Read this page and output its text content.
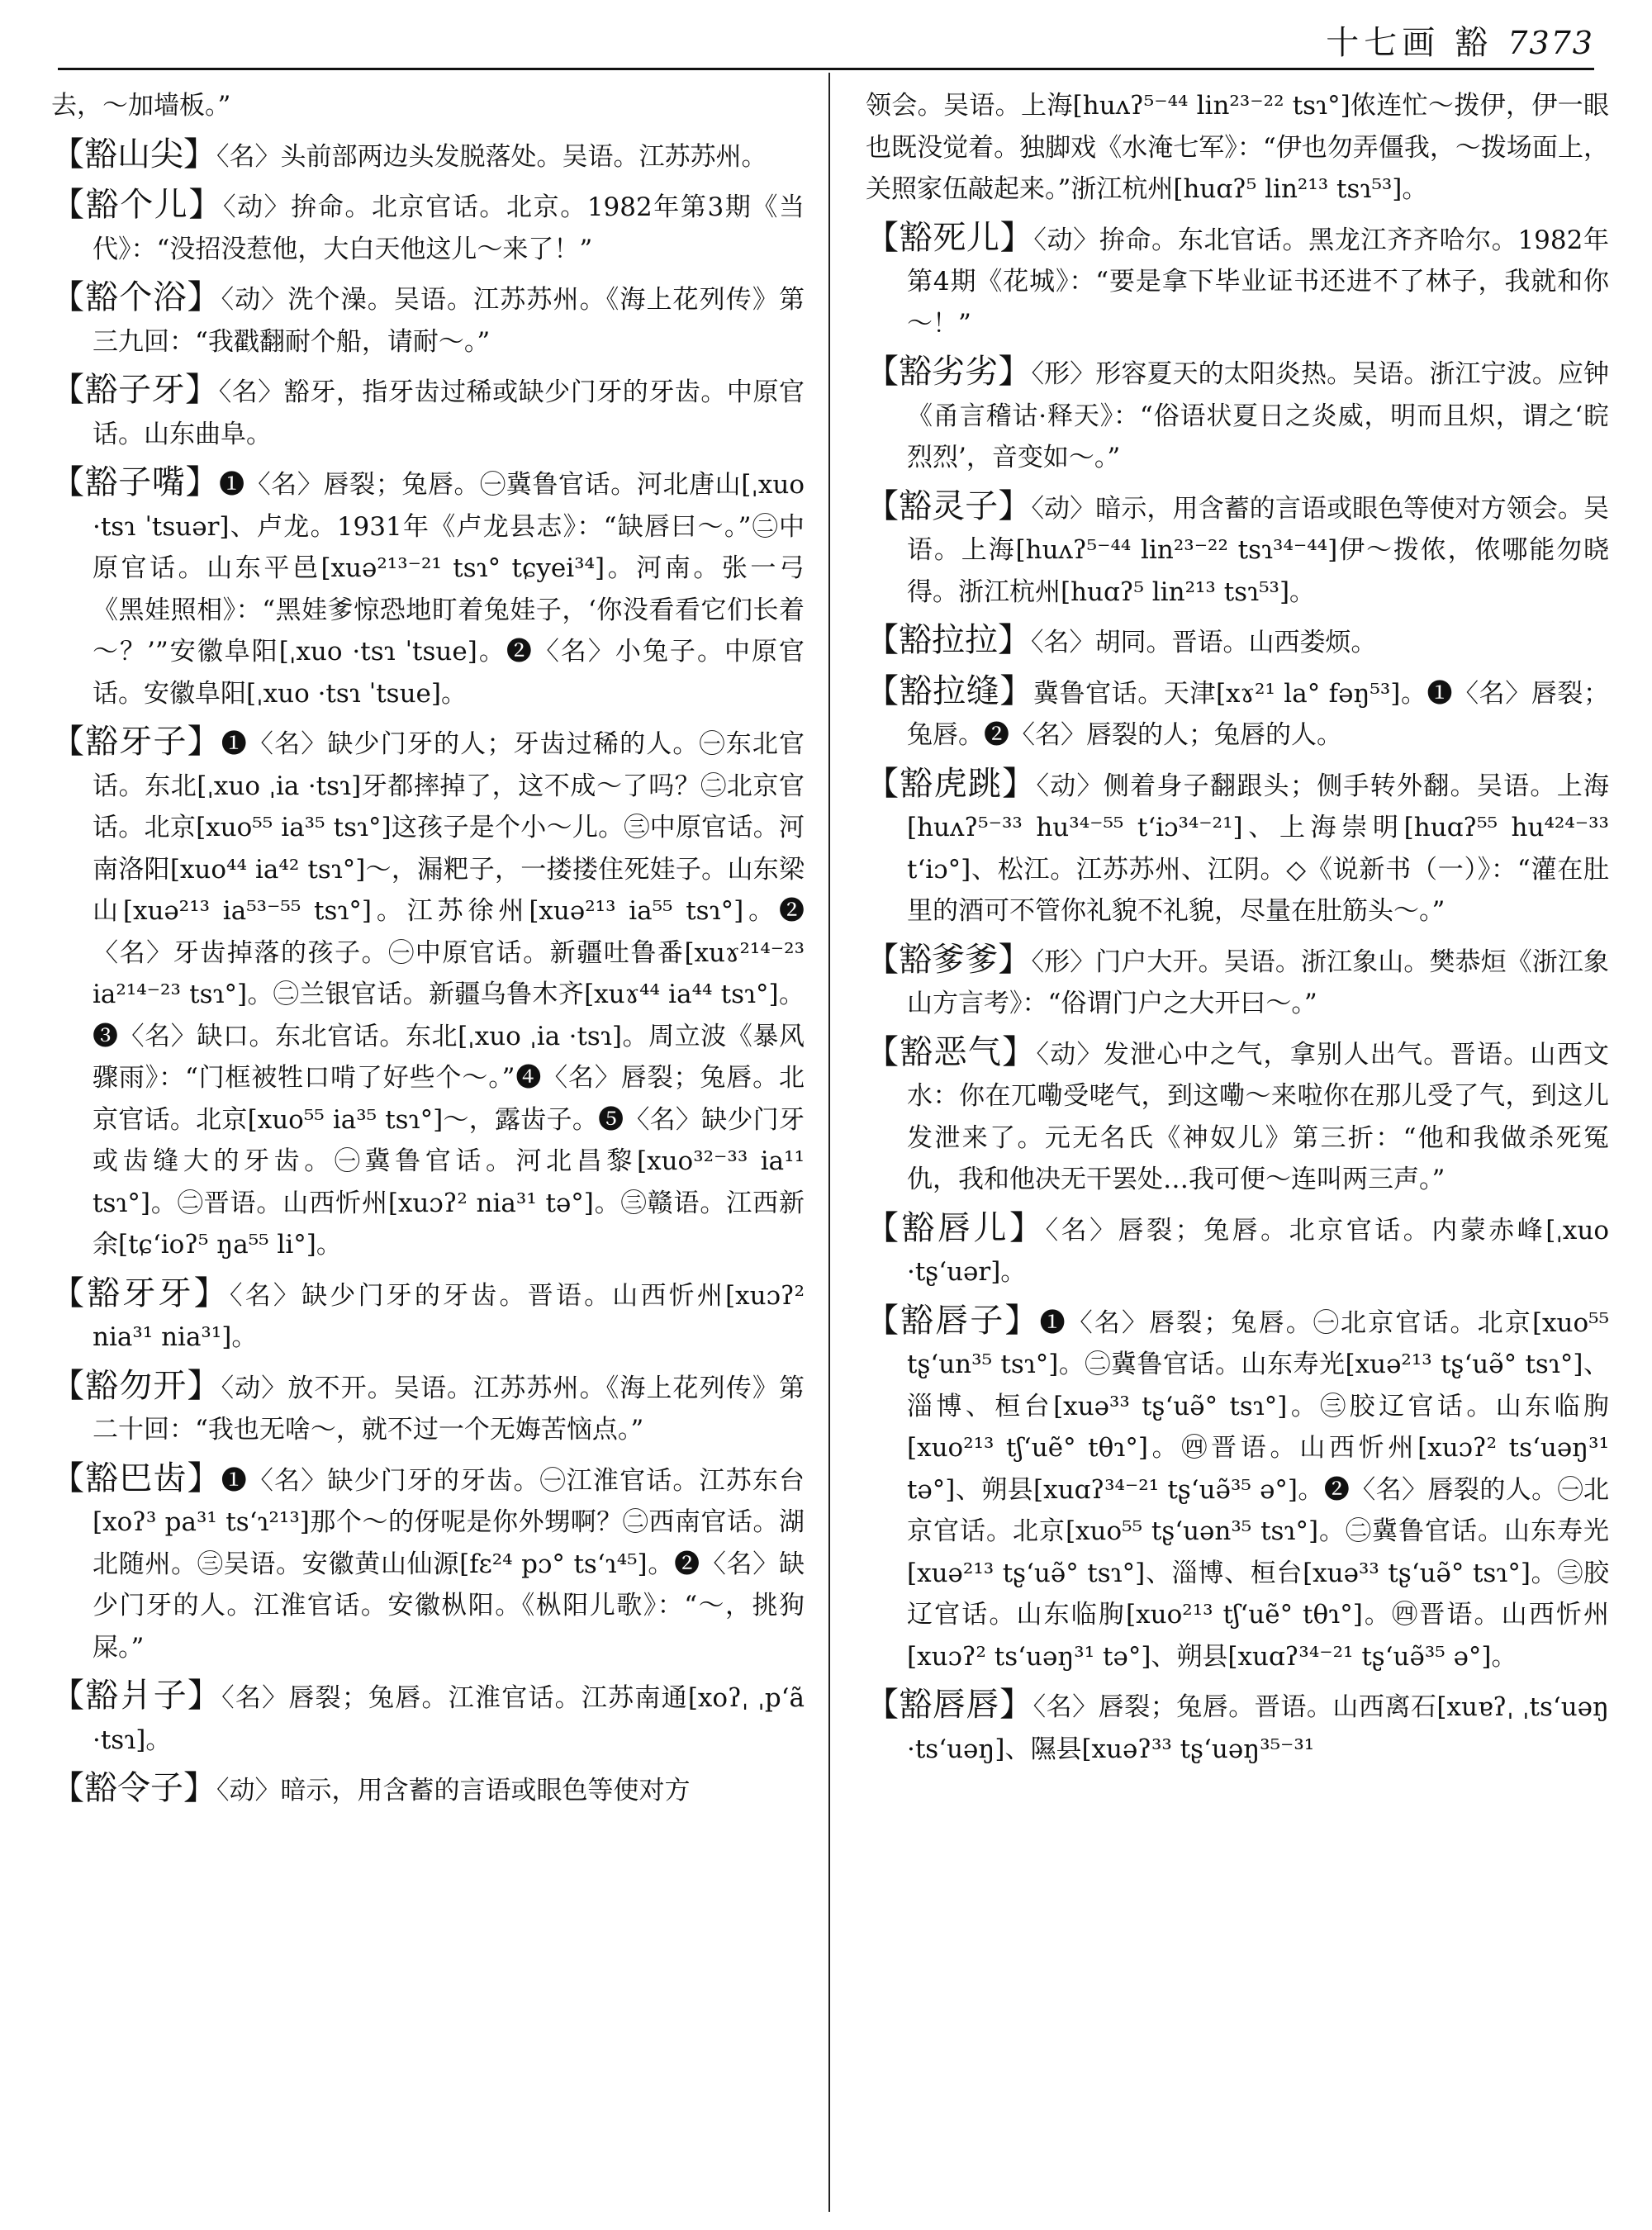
十七画 豁 7373

去，～加墙板。”

【豁山尖】〈名〉头前部两边头发脱落处。吴语。江苏苏州。

【豁个儿】〈动〉拚命。北京官话。北京。1982年第3期《当代》：“没招没惹他，大白天他这儿～来了！”

【豁个浴】〈动〉洗个澡。吴语。江苏苏州。《海上花列传》第三九回：“我戳翻耐个船，请耐～。”

【豁子牙】〈名〉豁牙，指牙齿过稀或缺少门牙的牙齿。中原官话。山东曲阜。

【豁子嘴】❶〈名〉唇裂；兔唇。㊀冀鲁官话。河北唐山[ˌxuo ·tsɿ ˈtsuər]、卢龙。1931年《卢龙县志》：“缺唇曰～。”㊁中原官话。山东平邑[xuə²¹³⁻²¹ tsɿ° tɕyei³⁴]。河南。张一弓《黑娃照相》：“黑娃爹惊恐地盯着兔娃子，‘你没看看它们长着～？’”安徽阜阳[ˌxuo ·tsɿ ˈtsue]。❷〈名〉小兔子。中原官话。安徽阜阳[ˌxuo ·tsɿ ˈtsue]。

【豁牙子】❶〈名〉缺少门牙的人；牙齿过稀的人。㊀东北官话。东北[ˌxuo ˌia ·tsɿ]牙都摔掉了，这不成～了吗？㊁北京官话。北京[xuo⁵⁵ ia³⁵ tsɿ°]这孩子是个小～儿。㊂中原官话。河南洛阳[xuo⁴⁴ ia⁴² tsɿ°]～，漏粑子，一搂搂住死娃子。山东梁山[xuə²¹³ ia⁵³⁻⁵⁵ tsɿ°]。江苏徐州[xuə²¹³ ia⁵⁵ tsɿ°]。❷〈名〉牙齿掉落的孩子。㊀中原官话。新疆吐鲁番[xuɤ²¹⁴⁻²³ ia²¹⁴⁻²³ tsɿ°]。㊁兰银官话。新疆乌鲁木齐[xuɤ⁴⁴ ia⁴⁴ tsɿ°]。❸〈名〉缺口。东北官话。东北[ˌxuo ˌia ·tsɿ]。周立波《暴风骤雨》：“门框被牲口啃了好些个～。”❹〈名〉唇裂；兔唇。北京官话。北京[xuo⁵⁵ ia³⁵ tsɿ°]～，露齿子。❺〈名〉缺少门牙或齿缝大的牙齿。㊀冀鲁官话。河北昌黎[xuo³²⁻³³ ia¹¹ tsɿ°]。㊁晋语。山西忻州[xuɔʔ² nia³¹ tə°]。㊂赣语。江西新余[tɕʻioʔ⁵ ŋa⁵⁵ li°]。

【豁牙牙】〈名〉缺少门牙的牙齿。晋语。山西忻州[xuɔʔ² nia³¹ nia³¹]。

【豁勿开】〈动〉放不开。吴语。江苏苏州。《海上花列传》第二十回：“我也无啥～，就不过一个无娒苦恼点。”

【豁巴齿】❶〈名〉缺少门牙的牙齿。㊀江淮官话。江苏东台[xoʔ³ pa³¹ tsʻɿ²¹³]那个～的伢呢是你外甥啊？㊁西南官话。湖北随州。㊂吴语。安徽黄山仙源[fɛ²⁴ pɔ° tsʻɿ⁴⁵]。❷〈名〉缺少门牙的人。江淮官话。安徽枞阳。《枞阳儿歌》：“～，挑狗屎。”

【豁爿子】〈名〉唇裂；兔唇。江淮官话。江苏南通[xoʔˌ ˌpʻã ·tsɿ]。

【豁令子】〈动〉暗示，用含蓄的言语或眼色等使对方

领会。吴语。上海[huʌʔ⁵⁻⁴⁴ lin²³⁻²² tsɿ°]侬连忙～拨伊，伊一眼也既没觉着。独脚戏《水淹七军》：“伊也勿弄僵我，～拨场面上，关照家伍敲起来。”浙江杭州[huɑʔ⁵ lin²¹³ tsɿ⁵³]。

【豁死儿】〈动〉拚命。东北官话。黑龙江齐齐哈尔。1982年第4期《花城》：“要是拿下毕业证书还进不了林子，我就和你～！”

【豁劣劣】〈形〉形容夏天的太阳炎热。吴语。浙江宁波。应钟《甬言稽诂·释天》：“俗语状夏日之炎威，明而且炽，谓之‘睆烈烈’，音变如～。”

【豁灵子】〈动〉暗示，用含蓄的言语或眼色等使对方领会。吴语。上海[huʌʔ⁵⁻⁴⁴ lin²³⁻²² tsɿ³⁴⁻⁴⁴]伊～拨侬，侬哪能勿晓得。浙江杭州[huɑʔ⁵ lin²¹³ tsɿ⁵³]。

【豁拉拉】〈名〉胡同。晋语。山西娄烦。

【豁拉缝】冀鲁官话。天津[xɤ²¹ la° fəŋ⁵³]。❶〈名〉唇裂；兔唇。❷〈名〉唇裂的人；兔唇的人。

【豁虎跳】〈动〉侧着身子翻跟头；侧手转外翻。吴语。上海[huʌʔ⁵⁻³³ hu³⁴⁻⁵⁵ tʻiɔ³⁴⁻²¹]、上海崇明[huɑʔ⁵⁵ hu⁴²⁴⁻³³ tʻiɔ°]、松江。江苏苏州、江阴。◇《说新书（一）》：“灌在肚里的酒可不管你礼貌不礼貌，尽量在肚筋头～。”

【豁爹爹】〈形〉门户大开。吴语。浙江象山。樊恭烜《浙江象山方言考》：“俗谓门户之大开曰～。”

【豁恶气】〈动〉发泄心中之气，拿别人出气。晋语。山西文水：你在兀嘞受咾气，到这嘞～来啦你在那儿受了气，到这儿发泄来了。元无名氏《神奴儿》第三折：“他和我做杀死冤仇，我和他决无干罢处…我可便～连叫两三声。”

【豁唇儿】〈名〉唇裂；兔唇。北京官话。内蒙赤峰[ˌxuo ·tʂʻuər]。

【豁唇子】❶〈名〉唇裂；兔唇。㊀北京官话。北京[xuo⁵⁵ tʂʻun³⁵ tsɿ°]。㊁冀鲁官话。山东寿光[xuə²¹³ tʂʻuə̃° tsɿ°]、淄博、桓台[xuə³³ tʂʻuə̃° tsɿ°]。㊂胶辽官话。山东临朐[xuo²¹³ tʃʻuẽ° tθɿ°]。㊃晋语。山西忻州[xuɔʔ² tsʻuəŋ³¹ tə°]、朔县[xuɑʔ³⁴⁻²¹ tʂʻuə̃³⁵ ə°]。❷〈名〉唇裂的人。㊀北京官话。北京[xuo⁵⁵ tʂʻuən³⁵ tsɿ°]。㊁冀鲁官话。山东寿光[xuə²¹³ tʂʻuə̃° tsɿ°]、淄博、桓台[xuə³³ tʂʻuə̃° tsɿ°]。㊂胶辽官话。山东临朐[xuo²¹³ tʃʻuẽ° tθɿ°]。㊃晋语。山西忻州[xuɔʔ² tsʻuəŋ³¹ tə°]、朔县[xuɑʔ³⁴⁻²¹ tʂʻuə̃³⁵ ə°]。

【豁唇唇】〈名〉唇裂；兔唇。晋语。山西离石[xuɐʔˌ ˌtsʻuəŋ ·tsʻuəŋ]、隰县[xuəʔ³³ tʂʻuəŋ³⁵⁻³¹
